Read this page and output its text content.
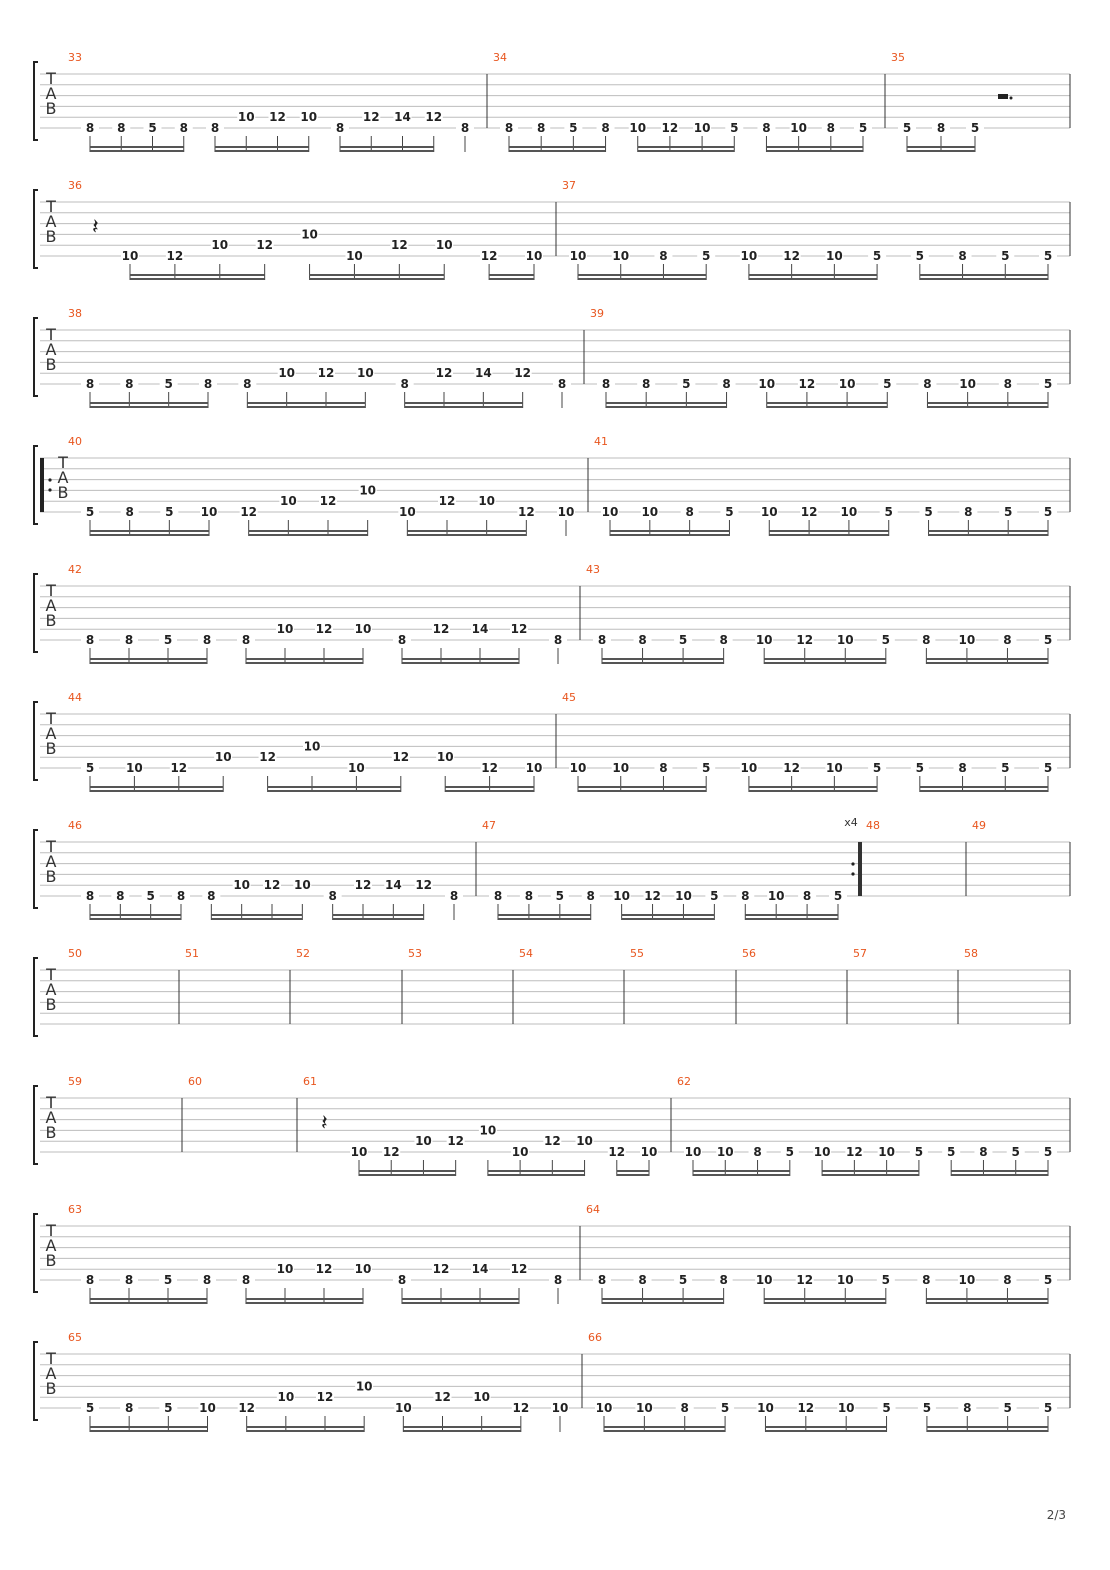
T
A
B
33
8 8 5 8 8
10 12 10
8
12 14 12
8
34
8 8 5 8 10 12 10 5 8 10 8 5
35
5 8 5
T
A
B
36
𝄽
10 12
10 12
10
10
12 10
12 10
37
10 10	8	5	10 12 10	5	5	8	5	5
T
A
B
38
8	8	5	8	8
10 12 10
8
12 14 12
8
39
8	8	5	8 10 12 10 5	8 10 8	5
T
A
B
40
5	8	5 10 12
10 12
10
10
12 10
12 10
41
10 10 8	5 10 12 10 5	5	8	5	5
T
A
B
42
8	8	5	8	8
10 12 10
8
12 14 12
8
43
8	8	5	8 10 12 10 5	8 10 8	5
T
A
B
44
5	10 12
10 12
10
10
12 10
12 10
45
10 10	8	5	10 12 10	5	5	8	5	5
T
A
B
x4
46
8 8 5 8 8
10 12 10
8
12 14 12
8
47
8 8 5 8 10 12 10 5 8 10 8 5
48	49
T
A
B
50	51	52	53	54	55	56	57	58
T
A
B
59	60	61
𝄽
10 12
10 12
10
10
12 10
12 10
62
10 10 8 5 10 12 10 5 5 8 5 5
T
A
B
63
8	8	5	8	8
10 12 10
8
12 14 12
8
64
8	8	5	8 10 12 10 5	8 10 8	5
T
A
B
65
5	8	5 10 12
10 12
10
10
12 10
12 10
66
10 10 8	5 10 12 10 5	5	8	5	5
2/3
